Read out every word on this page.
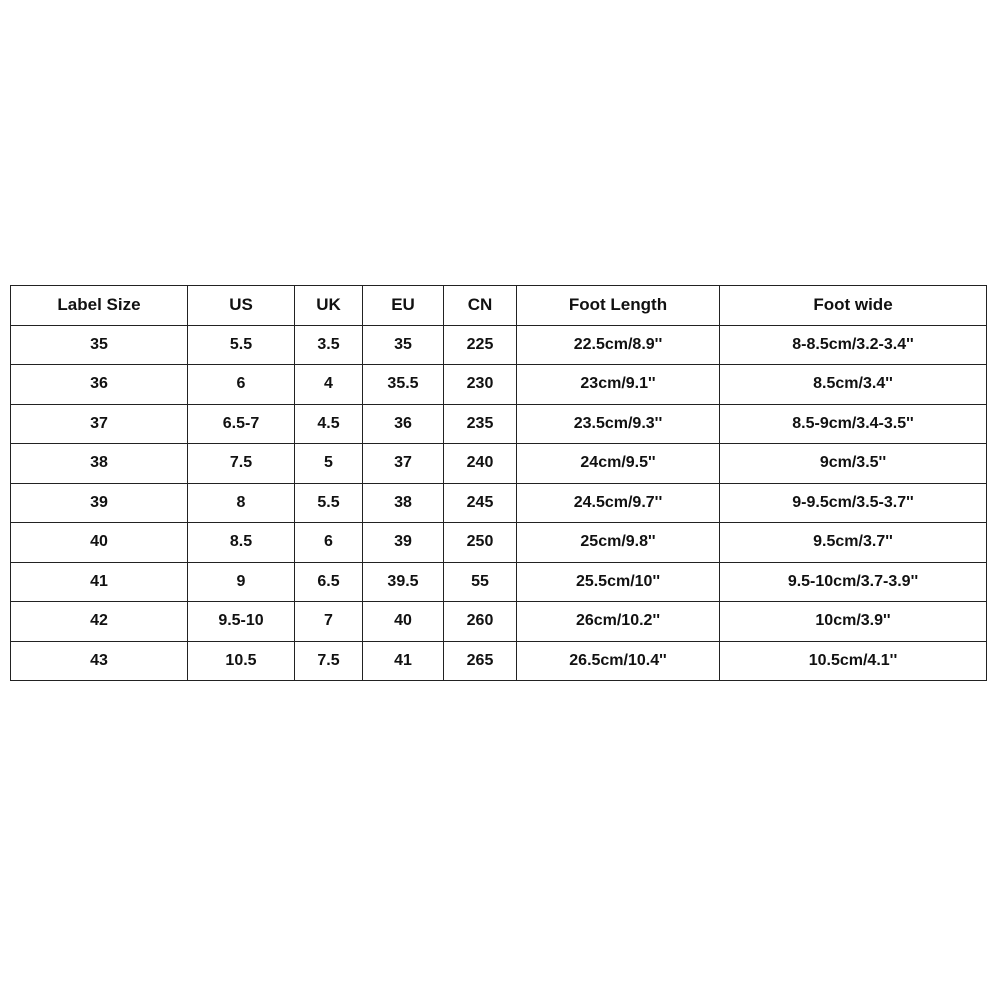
Label Size	US	UK	EU	CN	Foot Length	Foot wide
35	5.5	3.5	35	225	22.5cm/8.9''	8-8.5cm/3.2-3.4''
36	6	4	35.5	230	23cm/9.1''	8.5cm/3.4''
37	6.5-7	4.5	36	235	23.5cm/9.3''	8.5-9cm/3.4-3.5''
38	7.5	5	37	240	24cm/9.5''	9cm/3.5''
39	8	5.5	38	245	24.5cm/9.7''	9-9.5cm/3.5-3.7''
40	8.5	6	39	250	25cm/9.8''	9.5cm/3.7''
41	9	6.5	39.5	55	25.5cm/10''	9.5-10cm/3.7-3.9''
42	9.5-10	7	40	260	26cm/10.2''	10cm/3.9''
43	10.5	7.5	41	265	26.5cm/10.4''	10.5cm/4.1''
